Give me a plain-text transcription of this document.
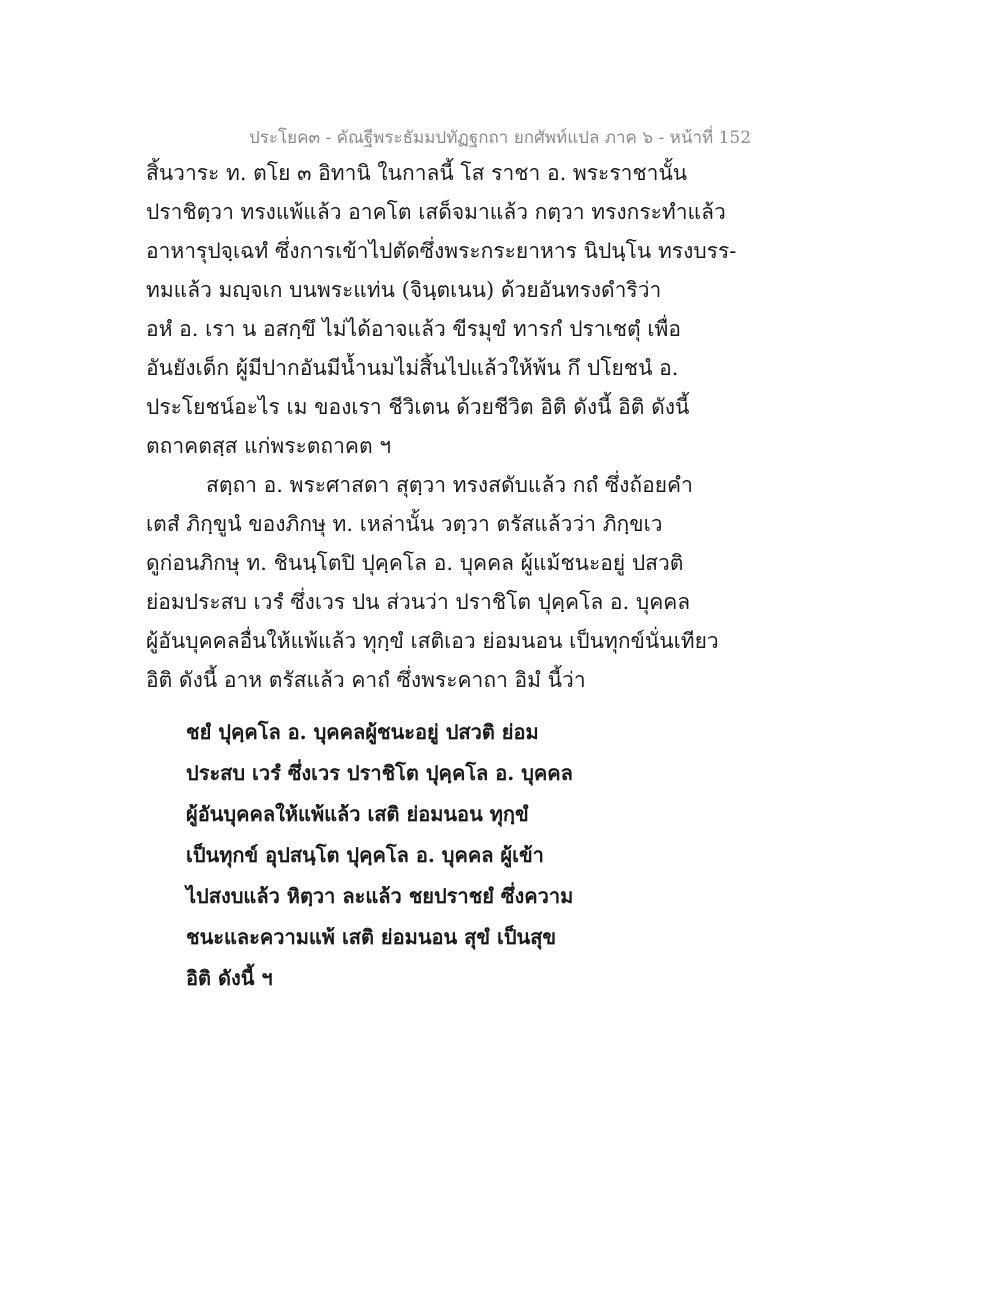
ประโยค๓ - คัณฐีพระธัมมปทัฏฐกถา ยกศัพท์แปล ภาค ๖ - หน้าที่ 152
สิ้นวาระ ท. ตโย ๓ อิทานิ ในกาลนี้ โส ราชา อ. พระราชานั้น
ปราชิตฺวา ทรงแพ้แล้ว อาคโต เสด็จมาแล้ว กตฺวา ทรงกระทำแล้ว
อาหารุปจฺเฉทํ ซึ่งการเข้าไปตัดซึ่งพระกระยาหาร นิปนฺโน ทรงบรร-
ทมแล้ว มญฺจเก บนพระแท่น (จินฺตเนน) ด้วยอันทรงดำริว่า
อหํ อ. เรา น อสกฺขึ ไม่ได้อาจแล้ว ขีรมุขํ ทารกํ ปราเชตุํ เพื่อ
อันยังเด็ก ผู้มีปากอันมีน้ำนมไม่สิ้นไปแล้วให้พ้น กึ ปโยชนํ อ.
ประโยชน์อะไร เม ของเรา ชีวิเตน ด้วยชีวิต อิติ ดังนี้ อิติ ดังนี้
ตถาคตสฺส แก่พระตถาคต ฯ
สตฺถา อ. พระศาสดา สุตฺวา ทรงสดับแล้ว กถํ ซึ่งถ้อยคำ
เตสํ ภิกฺขูนํ ของภิกษุ ท. เหล่านั้น วตฺวา ตรัสแล้วว่า ภิกฺขเว
ดูก่อนภิกษุ ท. ชินนฺโตปิ ปุคฺคโล อ. บุคคล ผู้แม้ชนะอยู่ ปสวติ
ย่อมประสบ เวรํ ซึ่งเวร ปน ส่วนว่า ปราชิโต ปุคฺคโล อ. บุคคล
ผู้อันบุคคลอื่นให้แพ้แล้ว ทุกฺขํ เสติเอว ย่อมนอน เป็นทุกข์นั่นเทียว
อิติ ดังนี้ อาห ตรัสแล้ว คาถํ ซึ่งพระคาถา อิมํ นี้ว่า
ชยํ ปุคฺคโล อ. บุคคลผู้ชนะอยู่ ปสวติ ย่อม
ประสบ เวรํ ซึ่งเวร ปราชิโต ปุคฺคโล อ. บุคคล
ผู้อันบุคคลให้แพ้แล้ว เสติ ย่อมนอน ทุกฺขํ
เป็นทุกข์ อุปสนฺโต ปุคฺคโล อ. บุคคล ผู้เข้า
ไปสงบแล้ว หิตฺวา ละแล้ว ชยปราชยํ ซึ่งความ
ชนะและความแพ้ เสติ ย่อมนอน สุขํ เป็นสุข
อิติ ดังนี้ ฯ
